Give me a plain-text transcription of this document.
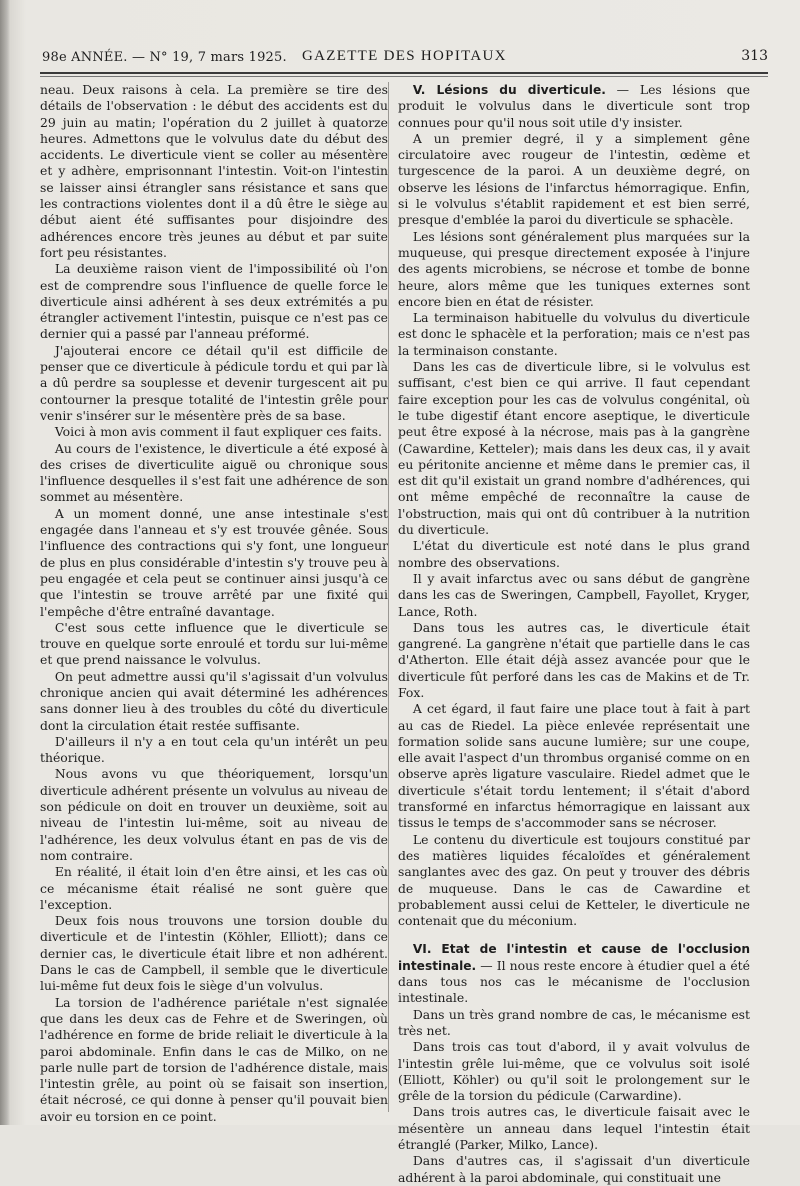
98e ANNÉE. — N° 19, 7 mars 1925. GAZETTE DES HOPITAUX	313

neau. Deux raisons à cela. La première se tire des détails de l'observation : le début des accidents est du 29 juin au matin; l'opération du 2 juillet à quatorze heures. Admettons que le volvulus date du début des accidents. Le diverticule vient se coller au mésentère et y adhère, emprisonnant l'intestin. Voit-on l'intestin se laisser ainsi étrangler sans résistance et sans que les contractions violentes dont il a dû être le siège au début aient été suffisantes pour disjoindre des adhérences encore très jeunes au début et par suite fort peu résistantes.

La deuxième raison vient de l'impossibilité où l'on est de comprendre sous l'influence de quelle force le diverticule ainsi adhérent à ses deux extrémités a pu étrangler activement l'intestin, puisque ce n'est pas ce dernier qui a passé par l'anneau préformé.

J'ajouterai encore ce détail qu'il est difficile de penser que ce diverticule à pédicule tordu et qui par là a dû perdre sa souplesse et devenir turgescent ait pu contourner la presque totalité de l'intestin grêle pour venir s'insérer sur le mésentère près de sa base.

Voici à mon avis comment il faut expliquer ces faits.

Au cours de l'existence, le diverticule a été exposé à des crises de diverticulite aiguë ou chronique sous l'influence desquelles il s'est fait une adhérence de son sommet au mésentère.

A un moment donné, une anse intestinale s'est engagée dans l'anneau et s'y est trouvée gênée. Sous l'influence des contractions qui s'y font, une longueur de plus en plus considérable d'intestin s'y trouve peu à peu engagée et cela peut se continuer ainsi jusqu'à ce que l'intestin se trouve arrêté par une fixité qui l'empêche d'être entraîné davantage.

C'est sous cette influence que le diverticule se trouve en quelque sorte enroulé et tordu sur lui-même et que prend naissance le volvulus.

On peut admettre aussi qu'il s'agissait d'un volvulus chronique ancien qui avait déterminé les adhérences sans donner lieu à des troubles du côté du diverticule dont la circulation était restée suffisante.

D'ailleurs il n'y a en tout cela qu'un intérêt un peu théorique.

Nous avons vu que théoriquement, lorsqu'un diverticule adhérent présente un volvulus au niveau de son pédicule on doit en trouver un deuxième, soit au niveau de l'intestin lui-même, soit au niveau de l'adhérence, les deux volvulus étant en pas de vis de nom contraire.

En réalité, il était loin d'en être ainsi, et les cas où ce mécanisme était réalisé ne sont guère que l'exception.

Deux fois nous trouvons une torsion double du diverticule et de l'intestin (Köhler, Elliott); dans ce dernier cas, le diverticule était libre et non adhérent. Dans le cas de Campbell, il semble que le diverticule lui-même fut deux fois le siège d'un volvulus.

La torsion de l'adhérence pariétale n'est signalée que dans les deux cas de Fehre et de Sweringen, où l'adhérence en forme de bride reliait le diverticule à la paroi abdominale. Enfin dans le cas de Milko, on ne parle nulle part de torsion de l'adhérence distale, mais l'intestin grêle, au point où se faisait son insertion, était nécrosé, ce qui donne à penser qu'il pouvait bien avoir eu torsion en ce point.

V. Lésions du diverticule. — Les lésions que produit le volvulus dans le diverticule sont trop connues pour qu'il nous soit utile d'y insister.

A un premier degré, il y a simplement gêne circulatoire avec rougeur de l'intestin, œdème et turgescence de la paroi. A un deuxième degré, on observe les lésions de l'infarctus hémorragique. Enfin, si le volvulus s'établit rapidement et est bien serré, presque d'emblée la paroi du diverticule se sphacèle.

Les lésions sont généralement plus marquées sur la muqueuse, qui presque directement exposée à l'injure des agents microbiens, se nécrose et tombe de bonne heure, alors même que les tuniques externes sont encore bien en état de résister.

La terminaison habituelle du volvulus du diverticule est donc le sphacèle et la perforation; mais ce n'est pas la terminaison constante.

Dans les cas de diverticule libre, si le volvulus est suffisant, c'est bien ce qui arrive. Il faut cependant faire exception pour les cas de volvulus congénital, où le tube digestif étant encore aseptique, le diverticule peut être exposé à la nécrose, mais pas à la gangrène (Cawardine, Ketteler); mais dans les deux cas, il y avait eu péritonite ancienne et même dans le premier cas, il est dit qu'il existait un grand nombre d'adhérences, qui ont même empêché de reconnaître la cause de l'obstruction, mais qui ont dû contribuer à la nutrition du diverticule.

L'état du diverticule est noté dans le plus grand nombre des observations.

Il y avait infarctus avec ou sans début de gangrène dans les cas de Sweringen, Campbell, Fayollet, Kryger, Lance, Roth.

Dans tous les autres cas, le diverticule était gangrené. La gangrène n'était que partielle dans le cas d'Atherton. Elle était déjà assez avancée pour que le diverticule fût perforé dans les cas de Makins et de Tr. Fox.

A cet égard, il faut faire une place tout à fait à part au cas de Riedel. La pièce enlevée représentait une formation solide sans aucune lumière; sur une coupe, elle avait l'aspect d'un thrombus organisé comme on en observe après ligature vasculaire. Riedel admet que le diverticule s'était tordu lentement; il s'était d'abord transformé en infarctus hémorragique en laissant aux tissus le temps de s'accommoder sans se nécroser.

Le contenu du diverticule est toujours constitué par des matières liquides fécaloïdes et généralement sanglantes avec des gaz. On peut y trouver des débris de muqueuse. Dans le cas de Cawardine et probablement aussi celui de Ketteler, le diverticule ne contenait que du méconium.

VI. Etat de l'intestin et cause de l'occlusion intestinale. — Il nous reste encore à étudier quel a été dans tous nos cas le mécanisme de l'occlusion intestinale.

Dans un très grand nombre de cas, le mécanisme est très net.

Dans trois cas tout d'abord, il y avait volvulus de l'intestin grêle lui-même, que ce volvulus soit isolé (Elliott, Köhler) ou qu'il soit le prolongement sur le grêle de la torsion du pédicule (Carwardine).

Dans trois autres cas, le diverticule faisait avec le mésentère un anneau dans lequel l'intestin était étranglé (Parker, Milko, Lance).

Dans d'autres cas, il s'agissait d'un diverticule adhérent à la paroi abdominale, qui constituait une
